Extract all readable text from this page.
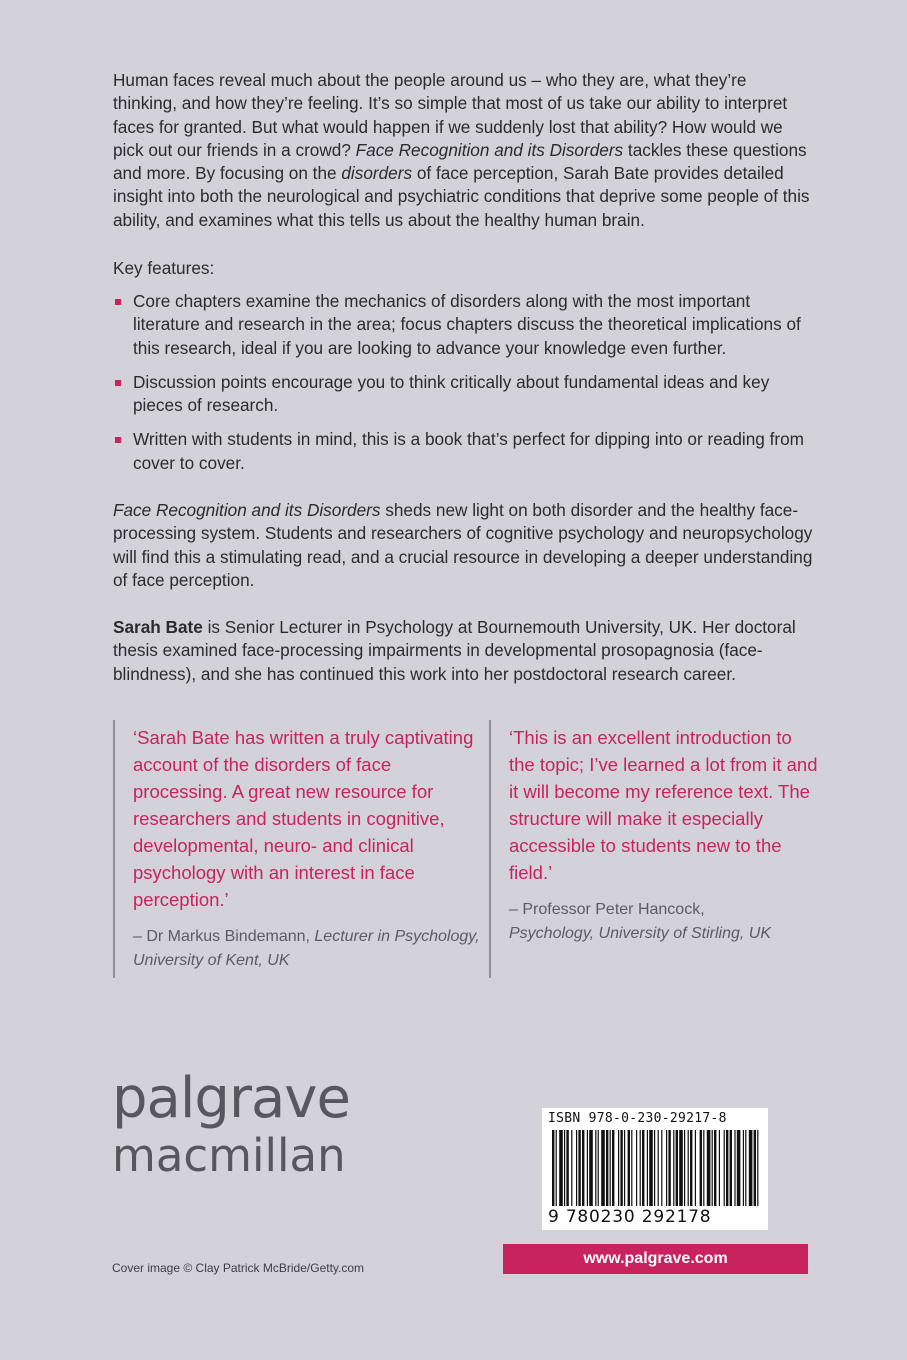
Human faces reveal much about the people around us – who they are, what they’re thinking, and how they’re feeling. It’s so simple that most of us take our ability to interpret faces for granted. But what would happen if we suddenly lost that ability? How would we pick out our friends in a crowd? Face Recognition and its Disorders tackles these questions and more. By focusing on the disorders of face perception, Sarah Bate provides detailed insight into both the neurological and psychiatric conditions that deprive some people of this ability, and examines what this tells us about the healthy human brain.

Key features:

Core chapters examine the mechanics of disorders along with the most important literature and research in the area; focus chapters discuss the theoretical implications of this research, ideal if you are looking to advance your knowledge even further.
Discussion points encourage you to think critically about fundamental ideas and key pieces of research.
Written with students in mind, this is a book that’s perfect for dipping into or reading from cover to cover.

Face Recognition and its Disorders sheds new light on both disorder and the healthy face-processing system. Students and researchers of cognitive psychology and neuropsychology will find this a stimulating read, and a crucial resource in developing a deeper understanding of face perception.

Sarah Bate is Senior Lecturer in Psychology at Bournemouth University, UK. Her doctoral thesis examined face-processing impairments in developmental prosopagnosia (face-blindness), and she has continued this work into her postdoctoral research career.

‘Sarah Bate has written a truly captivating account of the disorders of face processing. A great new resource for researchers and students in cognitive, developmental, neuro- and clinical psychology with an interest in face perception.’

– Dr Markus Bindemann, Lecturer in Psychology, University of Kent, UK

‘This is an excellent introduction to the topic; I’ve learned a lot from it and it will become my reference text. The structure will make it especially accessible to students new to the field.’

– Professor Peter Hancock,
Psychology, University of Stirling, UK

palgrave
macmillan
Cover image © Clay Patrick McBride/Getty.com
ISBN 978-0-230-29217-8
9 780230 292178
www.palgrave.com
